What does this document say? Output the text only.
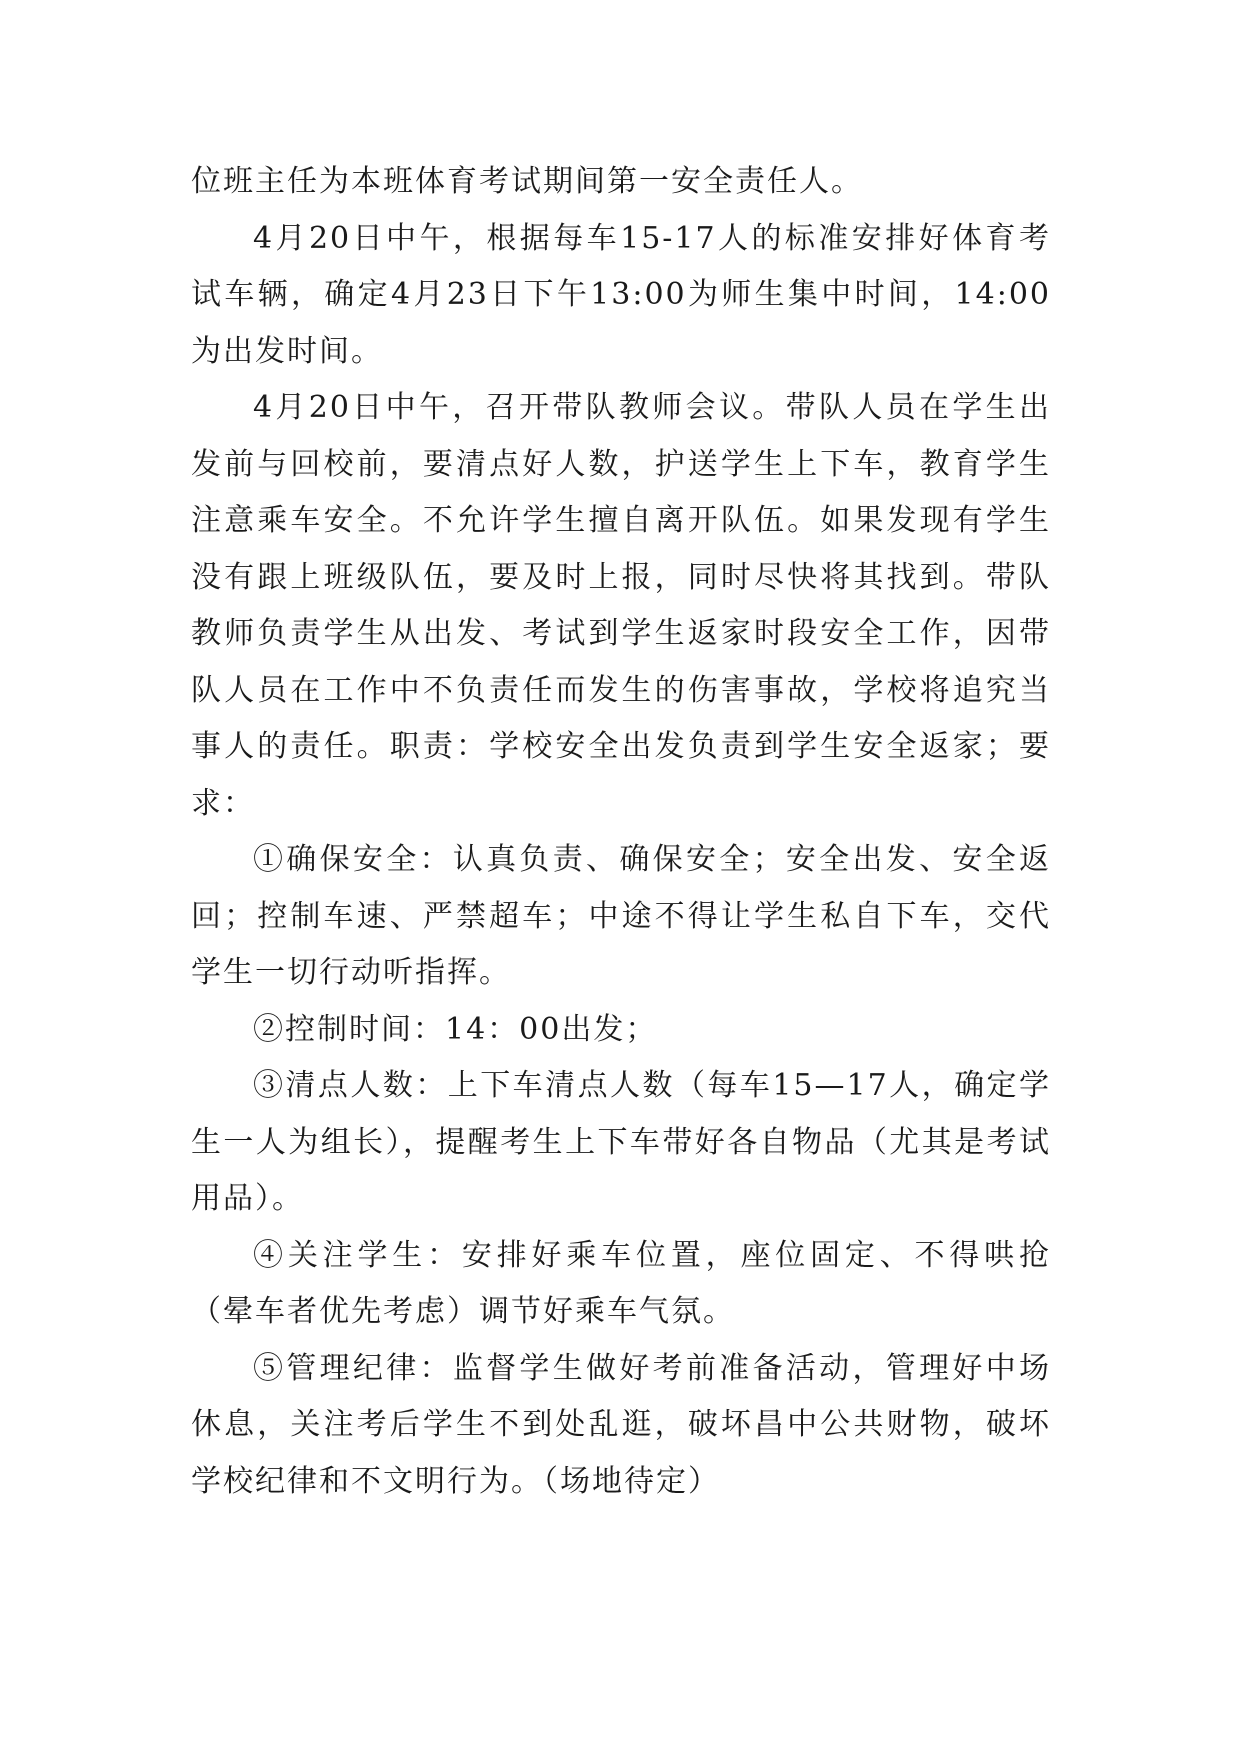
位班主任为本班体育考试期间第一安全责任人。

4月20日中午，根据每车15-17人的标准安排好体育考试车辆，确定4月23日下午13:00为师生集中时间，14:00为出发时间。

4月20日中午，召开带队教师会议。带队人员在学生出发前与回校前，要清点好人数，护送学生上下车，教育学生注意乘车安全。不允许学生擅自离开队伍。如果发现有学生没有跟上班级队伍，要及时上报，同时尽快将其找到。带队教师负责学生从出发、考试到学生返家时段安全工作，因带队人员在工作中不负责任而发生的伤害事故，学校将追究当事人的责任。职责：学校安全出发负责到学生安全返家；要求：

①确保安全：认真负责、确保安全；安全出发、安全返回；控制车速、严禁超车；中途不得让学生私自下车，交代学生一切行动听指挥。

②控制时间：14：00出发；

③清点人数：上下车清点人数（每车15—17人，确定学生一人为组长），提醒考生上下车带好各自物品（尤其是考试用品）。

④关注学生：安排好乘车位置，座位固定、不得哄抢（晕车者优先考虑）调节好乘车气氛。

⑤管理纪律：监督学生做好考前准备活动，管理好中场休息，关注考后学生不到处乱逛，破坏昌中公共财物，破坏学校纪律和不文明行为。（场地待定）
